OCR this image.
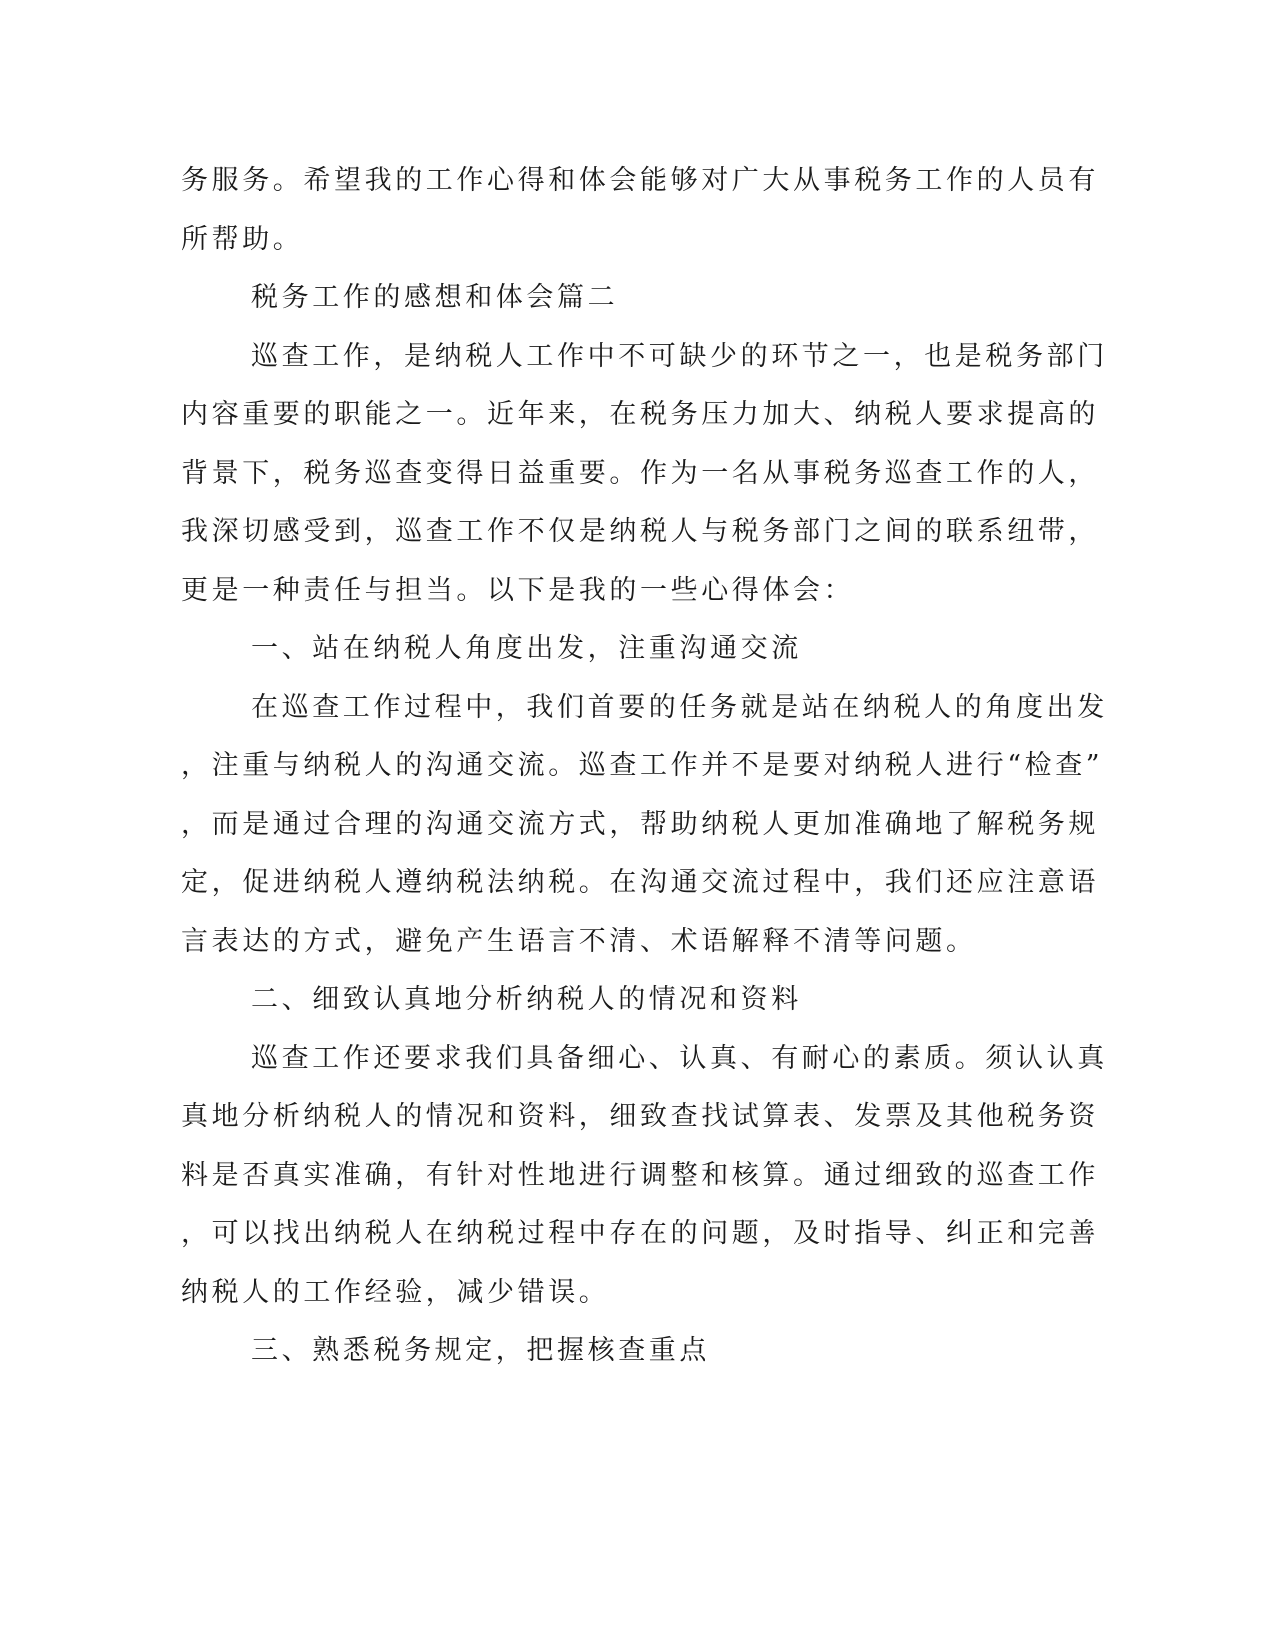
务服务。希望我的工作心得和体会能够对广大从事税务工作的人员有

所帮助。

税务工作的感想和体会篇二

巡查工作，是纳税人工作中不可缺少的环节之一，也是税务部门

内容重要的职能之一。近年来，在税务压力加大、纳税人要求提高的

背景下，税务巡查变得日益重要。作为一名从事税务巡查工作的人，

我深切感受到，巡查工作不仅是纳税人与税务部门之间的联系纽带，

更是一种责任与担当。以下是我的一些心得体会：

一、站在纳税人角度出发，注重沟通交流

在巡查工作过程中，我们首要的任务就是站在纳税人的角度出发

，注重与纳税人的沟通交流。巡查工作并不是要对纳税人进行“检查”

，而是通过合理的沟通交流方式，帮助纳税人更加准确地了解税务规

定，促进纳税人遵纳税法纳税。在沟通交流过程中，我们还应注意语

言表达的方式，避免产生语言不清、术语解释不清等问题。

二、细致认真地分析纳税人的情况和资料

巡查工作还要求我们具备细心、认真、有耐心的素质。须认认真

真地分析纳税人的情况和资料，细致查找试算表、发票及其他税务资

料是否真实准确，有针对性地进行调整和核算。通过细致的巡查工作

，可以找出纳税人在纳税过程中存在的问题，及时指导、纠正和完善

纳税人的工作经验，减少错误。

三、熟悉税务规定，把握核查重点
